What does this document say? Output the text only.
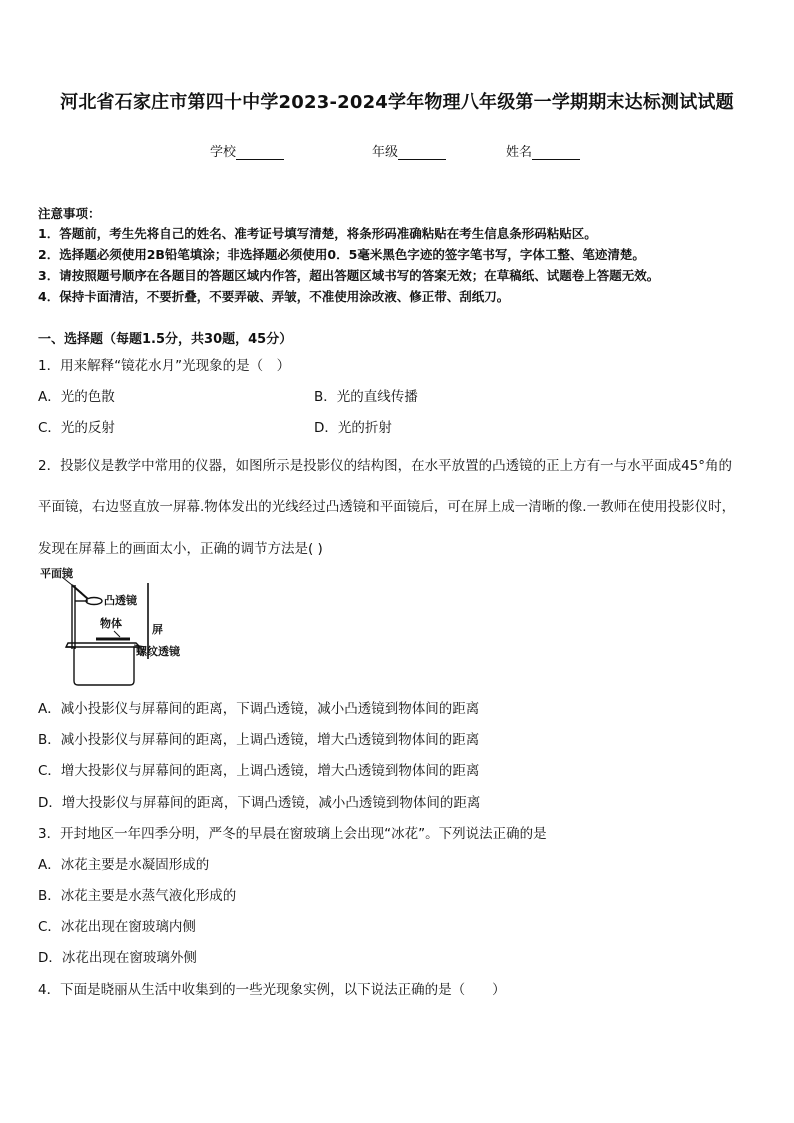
河北省石家庄市第四十中学2023-2024学年物理八年级第一学期期末达标测试试题
学校	年级	姓名
注意事项：
1．答题前，考生先将自己的姓名、准考证号填写清楚，将条形码准确粘贴在考生信息条形码粘贴区。
2．选择题必须使用2B铅笔填涂；非选择题必须使用0．5毫米黑色字迹的签字笔书写，字体工整、笔迹清楚。
3．请按照题号顺序在各题目的答题区域内作答，超出答题区域书写的答案无效；在草稿纸、试题卷上答题无效。
4．保持卡面清洁，不要折叠，不要弄破、弄皱，不准使用涂改液、修正带、刮纸刀。
一、选择题（每题1.5分，共30题，45分）
1．用来解释“镜花水月”光现象的是（　）
A．光的色散	B．光的直线传播
C．光的反射	D．光的折射
2．投影仪是教学中常用的仪器，如图所示是投影仪的结构图，在水平放置的凸透镜的正上方有一与水平面成45°角的
平面镜，右边竖直放一屏幕.物体发出的光线经过凸透镜和平面镜后，可在屏上成一清晰的像.一教师在使用投影仪时，
发现在屏幕上的画面太小，正确的调节方法是( )
平面镜
凸透镜
物体	屏
螺纹透镜
A．减小投影仪与屏幕间的距离，下调凸透镜，减小凸透镜到物体间的距离
B．减小投影仪与屏幕间的距离，上调凸透镜，增大凸透镜到物体间的距离
C．增大投影仪与屏幕间的距离，上调凸透镜，增大凸透镜到物体间的距离
D．增大投影仪与屏幕间的距离，下调凸透镜，减小凸透镜到物体间的距离
3．开封地区一年四季分明，严冬的早晨在窗玻璃上会出现“冰花”。下列说法正确的是
A．冰花主要是水凝固形成的
B．冰花主要是水蒸气液化形成的
C．冰花出现在窗玻璃内侧
D．冰花出现在窗玻璃外侧
4．下面是晓丽从生活中收集到的一些光现象实例，以下说法正确的是（　　）
